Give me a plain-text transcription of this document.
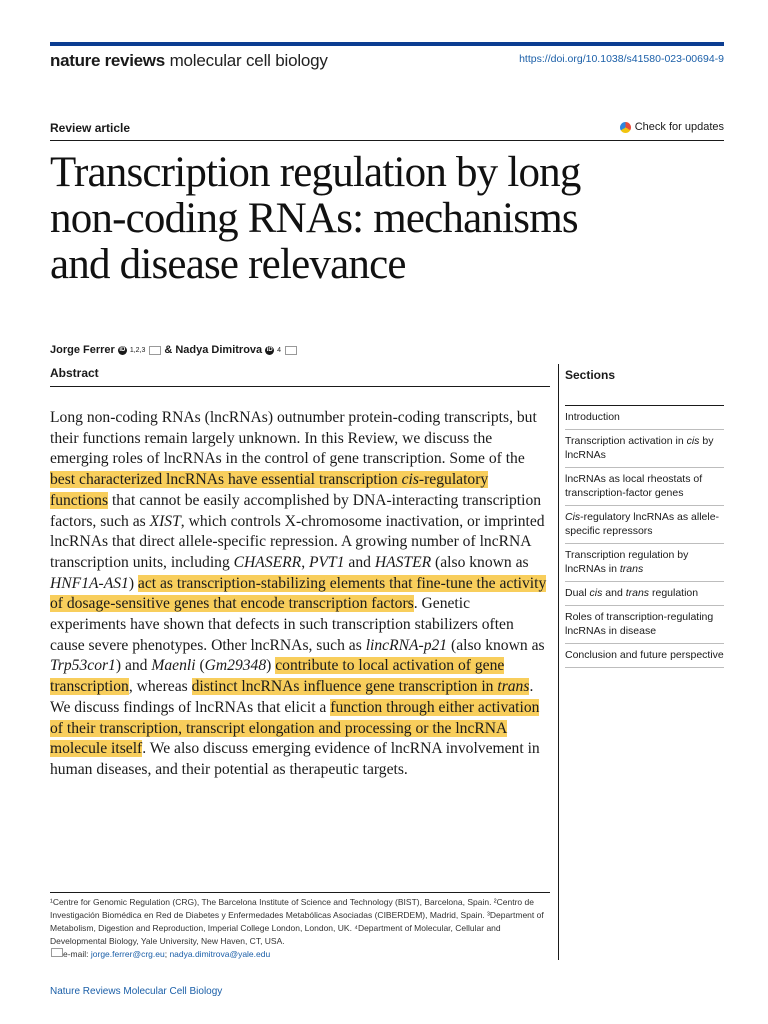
nature reviews molecular cell biology	https://doi.org/10.1038/s41580-023-00694-9
Review article	Check for updates
Transcription regulation by long
non-coding RNAs: mechanisms
and disease relevance
Jorge Ferrer iD 1,2,3 & Nadya Dimitrova iD 4
Abstract	Sections

Long non-coding RNAs (lncRNAs) outnumber protein-coding transcripts, but their functions remain largely unknown. In this Review, we discuss the emerging roles of lncRNAs in the control of gene transcription. Some of the best characterized lncRNAs have essential transcription cis-regulatory functions that cannot be easily accomplished by DNA-interacting transcription factors, such as XIST, which controls X-chromosome inactivation, or imprinted lncRNAs that direct allele-specific repression. A growing number of lncRNA transcription units, including CHASERR, PVT1 and HASTER (also known as HNF1A-AS1) act as transcription-stabilizing elements that fine-tune the activity of dosage-sensitive genes that encode transcription factors. Genetic experiments have shown that defects in such transcription stabilizers often cause severe phenotypes. Other lncRNAs, such as lincRNA-p21 (also known as Trp53cor1) and Maenli (Gm29348) contribute to local activation of gene transcription, whereas distinct lncRNAs influence gene transcription in trans. We discuss findings of lncRNAs that elicit a function through either activation of their transcription, transcript elongation and processing or the lncRNA molecule itself. We also discuss emerging evidence of lncRNA involvement in human diseases, and their potential as therapeutic targets.

Introduction
Transcription activation in cis by lncRNAs
lncRNAs as local rheostats of transcription-factor genes
Cis-regulatory lncRNAs as allele-specific repressors
Transcription regulation by lncRNAs in trans
Dual cis and trans regulation
Roles of transcription-regulating lncRNAs in disease
Conclusion and future perspective
¹Centre for Genomic Regulation (CRG), The Barcelona Institute of Science and Technology (BIST), Barcelona, Spain. ²Centro de Investigación Biomédica en Red de Diabetes y Enfermedades Metabólicas Asociadas (CIBERDEM), Madrid, Spain. ³Department of Metabolism, Digestion and Reproduction, Imperial College London, London, UK. ⁴Department of Molecular, Cellular and Developmental Biology, Yale University, New Haven, CT, USA.
e-mail: jorge.ferrer@crg.eu; nadya.dimitrova@yale.edu
Nature Reviews Molecular Cell Biology
